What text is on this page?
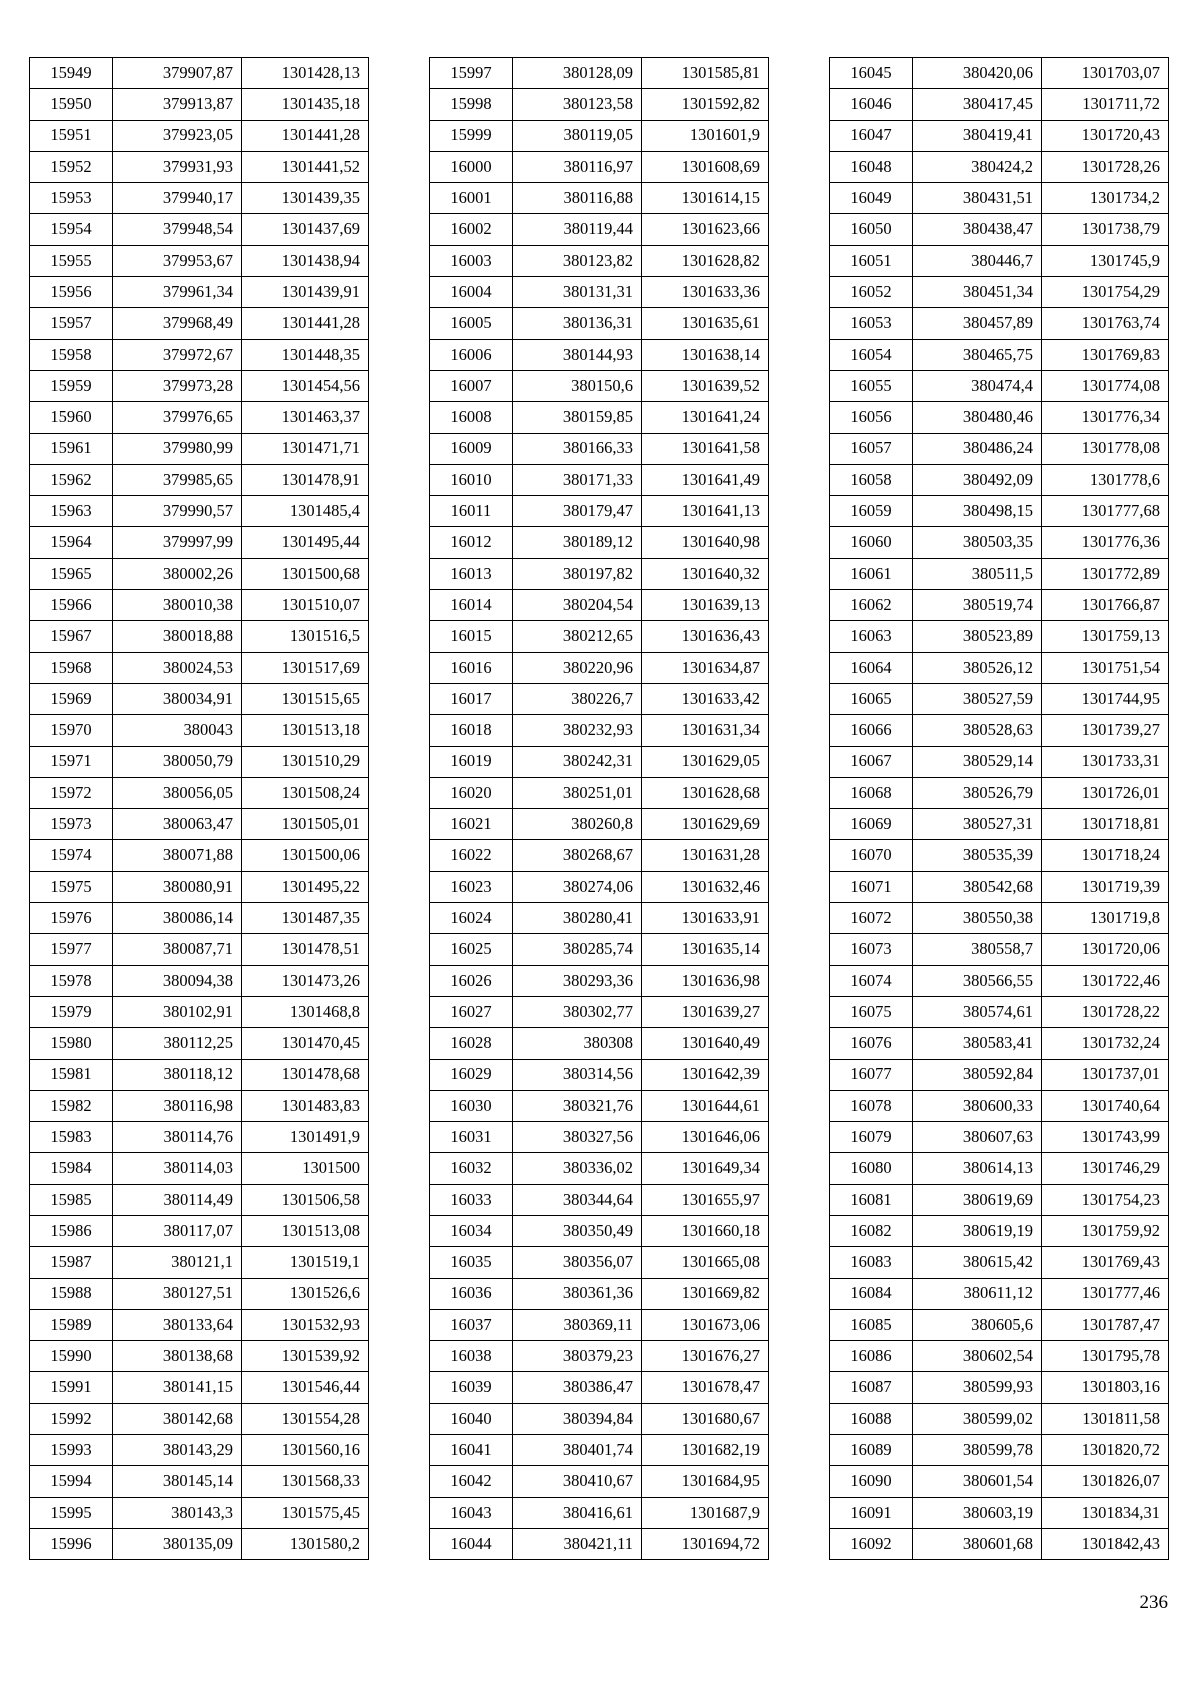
15949	379907,87	1301428,13
15950	379913,87	1301435,18
15951	379923,05	1301441,28
15952	379931,93	1301441,52
15953	379940,17	1301439,35
15954	379948,54	1301437,69
15955	379953,67	1301438,94
15956	379961,34	1301439,91
15957	379968,49	1301441,28
15958	379972,67	1301448,35
15959	379973,28	1301454,56
15960	379976,65	1301463,37
15961	379980,99	1301471,71
15962	379985,65	1301478,91
15963	379990,57	1301485,4
15964	379997,99	1301495,44
15965	380002,26	1301500,68
15966	380010,38	1301510,07
15967	380018,88	1301516,5
15968	380024,53	1301517,69
15969	380034,91	1301515,65
15970	380043	1301513,18
15971	380050,79	1301510,29
15972	380056,05	1301508,24
15973	380063,47	1301505,01
15974	380071,88	1301500,06
15975	380080,91	1301495,22
15976	380086,14	1301487,35
15977	380087,71	1301478,51
15978	380094,38	1301473,26
15979	380102,91	1301468,8
15980	380112,25	1301470,45
15981	380118,12	1301478,68
15982	380116,98	1301483,83
15983	380114,76	1301491,9
15984	380114,03	1301500
15985	380114,49	1301506,58
15986	380117,07	1301513,08
15987	380121,1	1301519,1
15988	380127,51	1301526,6
15989	380133,64	1301532,93
15990	380138,68	1301539,92
15991	380141,15	1301546,44
15992	380142,68	1301554,28
15993	380143,29	1301560,16
15994	380145,14	1301568,33
15995	380143,3	1301575,45
15996	380135,09	1301580,2
15997	380128,09	1301585,81
15998	380123,58	1301592,82
15999	380119,05	1301601,9
16000	380116,97	1301608,69
16001	380116,88	1301614,15
16002	380119,44	1301623,66
16003	380123,82	1301628,82
16004	380131,31	1301633,36
16005	380136,31	1301635,61
16006	380144,93	1301638,14
16007	380150,6	1301639,52
16008	380159,85	1301641,24
16009	380166,33	1301641,58
16010	380171,33	1301641,49
16011	380179,47	1301641,13
16012	380189,12	1301640,98
16013	380197,82	1301640,32
16014	380204,54	1301639,13
16015	380212,65	1301636,43
16016	380220,96	1301634,87
16017	380226,7	1301633,42
16018	380232,93	1301631,34
16019	380242,31	1301629,05
16020	380251,01	1301628,68
16021	380260,8	1301629,69
16022	380268,67	1301631,28
16023	380274,06	1301632,46
16024	380280,41	1301633,91
16025	380285,74	1301635,14
16026	380293,36	1301636,98
16027	380302,77	1301639,27
16028	380308	1301640,49
16029	380314,56	1301642,39
16030	380321,76	1301644,61
16031	380327,56	1301646,06
16032	380336,02	1301649,34
16033	380344,64	1301655,97
16034	380350,49	1301660,18
16035	380356,07	1301665,08
16036	380361,36	1301669,82
16037	380369,11	1301673,06
16038	380379,23	1301676,27
16039	380386,47	1301678,47
16040	380394,84	1301680,67
16041	380401,74	1301682,19
16042	380410,67	1301684,95
16043	380416,61	1301687,9
16044	380421,11	1301694,72
16045	380420,06	1301703,07
16046	380417,45	1301711,72
16047	380419,41	1301720,43
16048	380424,2	1301728,26
16049	380431,51	1301734,2
16050	380438,47	1301738,79
16051	380446,7	1301745,9
16052	380451,34	1301754,29
16053	380457,89	1301763,74
16054	380465,75	1301769,83
16055	380474,4	1301774,08
16056	380480,46	1301776,34
16057	380486,24	1301778,08
16058	380492,09	1301778,6
16059	380498,15	1301777,68
16060	380503,35	1301776,36
16061	380511,5	1301772,89
16062	380519,74	1301766,87
16063	380523,89	1301759,13
16064	380526,12	1301751,54
16065	380527,59	1301744,95
16066	380528,63	1301739,27
16067	380529,14	1301733,31
16068	380526,79	1301726,01
16069	380527,31	1301718,81
16070	380535,39	1301718,24
16071	380542,68	1301719,39
16072	380550,38	1301719,8
16073	380558,7	1301720,06
16074	380566,55	1301722,46
16075	380574,61	1301728,22
16076	380583,41	1301732,24
16077	380592,84	1301737,01
16078	380600,33	1301740,64
16079	380607,63	1301743,99
16080	380614,13	1301746,29
16081	380619,69	1301754,23
16082	380619,19	1301759,92
16083	380615,42	1301769,43
16084	380611,12	1301777,46
16085	380605,6	1301787,47
16086	380602,54	1301795,78
16087	380599,93	1301803,16
16088	380599,02	1301811,58
16089	380599,78	1301820,72
16090	380601,54	1301826,07
16091	380603,19	1301834,31
16092	380601,68	1301842,43
236
